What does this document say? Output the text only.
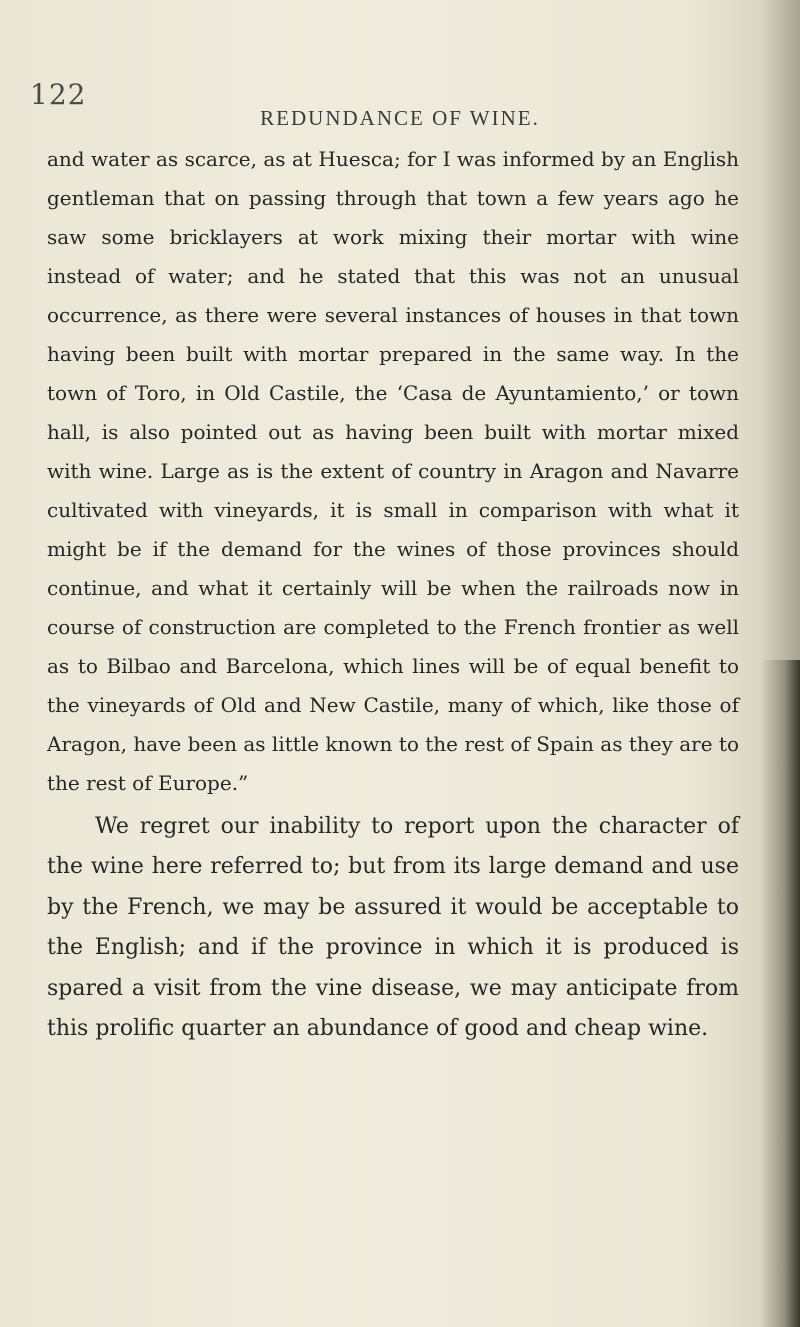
122
REDUNDANCE OF WINE.

and water as scarce, as at Huesca; for I was informed by an English gentleman that on passing through that town a few years ago he saw some bricklayers at work mixing their mortar with wine instead of water; and he stated that this was not an unusual occurrence, as there were several instances of houses in that town having been built with mortar prepared in the same way. In the town of Toro, in Old Castile, the ‘Casa de Ayuntamiento,’ or town hall, is also pointed out as having been built with mortar mixed with wine. Large as is the extent of country in Aragon and Navarre cultivated with vineyards, it is small in comparison with what it might be if the demand for the wines of those provinces should continue, and what it certainly will be when the railroads now in course of construction are completed to the French frontier as well as to Bilbao and Barcelona, which lines will be of equal benefit to the vineyards of Old and New Castile, many of which, like those of Aragon, have been as little known to the rest of Spain as they are to the rest of Europe.”

We regret our inability to report upon the character of the wine here referred to; but from its large demand and use by the French, we may be assured it would be acceptable to the English; and if the province in which it is produced is spared a visit from the vine disease, we may anticipate from this prolific quarter an abundance of good and cheap wine.
